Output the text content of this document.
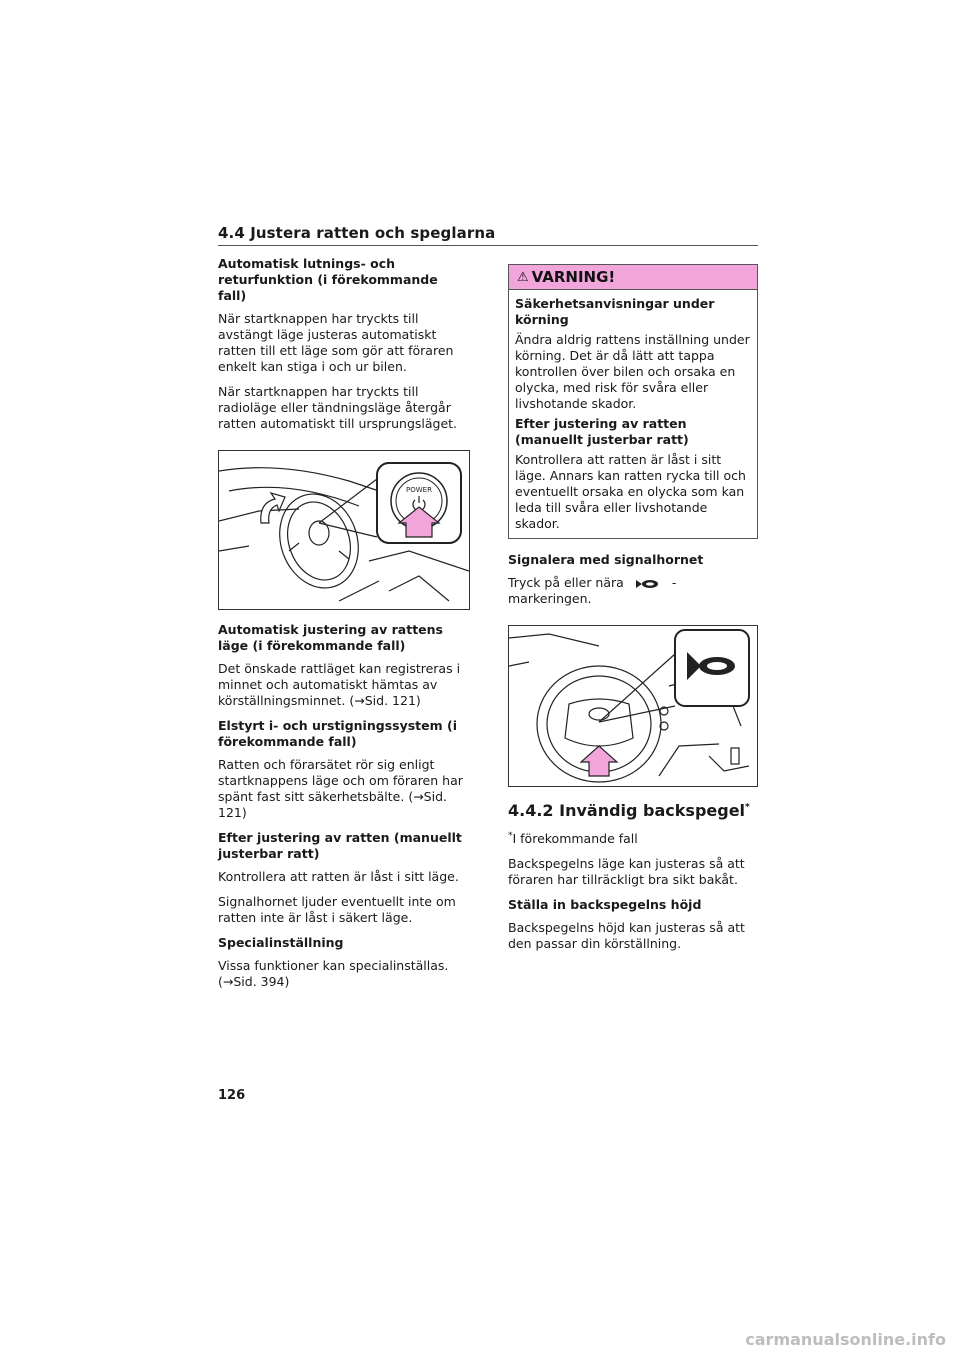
4.4 Justera ratten och speglarna
Automatisk lutnings- och returfunktion (i förekommande fall)
När startknappen har tryckts till avstängt läge justeras automatiskt ratten till ett läge som gör att föraren enkelt kan stiga i och ur bilen.
När startknappen har tryckts till radioläge eller tändningsläge återgår ratten automatiskt till ursprungsläget.
POWER
Automatisk justering av rattens läge (i förekommande fall)
Det önskade rattläget kan registreras i minnet och automatiskt hämtas av körställningsminnet. (→Sid. 121)
Elstyrt i- och urstigningssystem (i förekommande fall)
Ratten och förarsätet rör sig enligt startknappens läge och om föraren har spänt fast sitt säkerhetsbälte. (→Sid. 121)
Efter justering av ratten (manuellt justerbar ratt)
Kontrollera att ratten är låst i sitt läge.
Signalhornet ljuder eventuellt inte om ratten inte är låst i säkert läge.
Specialinställning
Vissa funktioner kan specialinställas. (→Sid. 394)
⚠ VARNING!
Säkerhetsanvisningar under körning
Ändra aldrig rattens inställning under körning. Det är då lätt att tappa kontrollen över bilen och orsaka en olycka, med risk för svåra eller livshotande skador.
Efter justering av ratten (manuellt justerbar ratt)
Kontrollera att ratten är låst i sitt läge. Annars kan ratten rycka till och eventuellt orsaka en olycka som kan leda till svåra eller livshotande skador.
Signalera med signalhornet
Tryck på eller nära	-markeringen.
4.4.2 Invändig backspegel*
*I förekommande fall
Backspegelns läge kan justeras så att föraren har tillräckligt bra sikt bakåt.
Ställa in backspegelns höjd
Backspegelns höjd kan justeras så att den passar din körställning.
126
carmanualsonline.info
